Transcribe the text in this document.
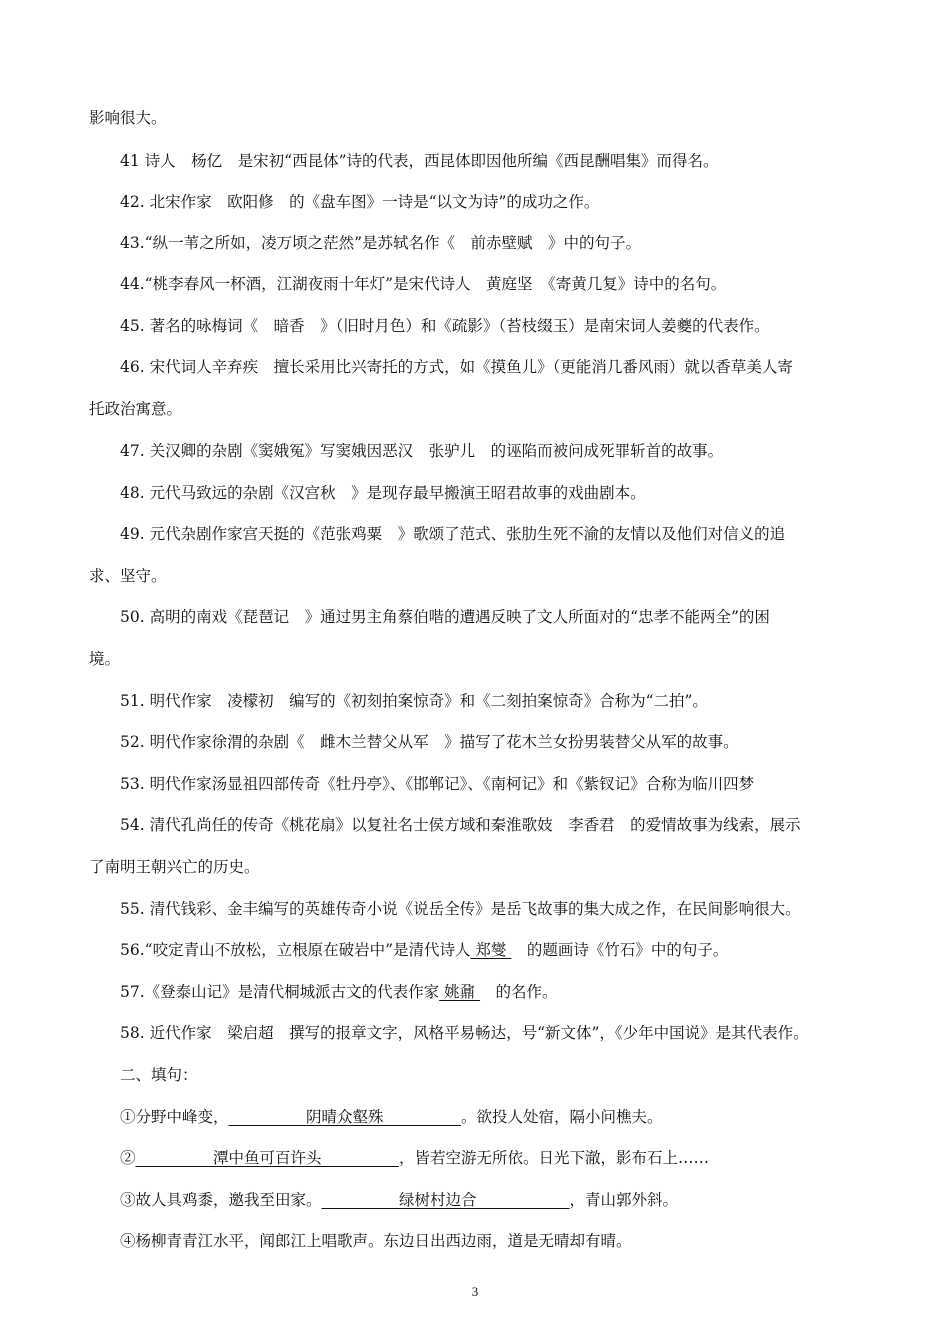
影响很大。
41 诗人　杨亿　是宋初“西昆体”诗的代表，西昆体即因他所编《西昆酬唱集》而得名。
42. 北宋作家　欧阳修　的《盘车图》一诗是“以文为诗”的成功之作。
43.“纵一苇之所如，凌万顷之茫然”是苏轼名作《　前赤壁赋　》中的句子。
44.“桃李春风一杯酒，江湖夜雨十年灯”是宋代诗人　黄庭坚　《寄黄几复》诗中的名句。
45. 著名的咏梅词《　暗香　》（旧时月色）和《疏影》（苔枝缀玉）是南宋词人姜夔的代表作。
46. 宋代词人辛弃疾　擅长采用比兴寄托的方式，如《摸鱼儿》（更能消几番风雨）就以香草美人寄
托政治寓意。
47. 关汉卿的杂剧《窦娥冤》写窦娥因恶汉　张驴儿　的诬陷而被问成死罪斩首的故事。
48. 元代马致远的杂剧《汉宫秋　》是现存最早搬演王昭君故事的戏曲剧本。
49. 元代杂剧作家宫天挺的《范张鸡粟　》歌颂了范式、张肋生死不渝的友情以及他们对信义的追
求、坚守。
50. 高明的南戏《琵琶记　》通过男主角蔡伯喈的遭遇反映了文人所面对的“忠孝不能两全”的困
境。
51. 明代作家　凌檬初　编写的《初刻拍案惊奇》和《二刻拍案惊奇》合称为“二拍”。
52. 明代作家徐渭的杂剧《　雌木兰替父从军　》描写了花木兰女扮男装替父从军的故事。
53. 明代作家汤显祖四部传奇《牡丹亭》、《邯郸记》、《南柯记》和《紫钗记》合称为临川四梦
54. 清代孔尚任的传奇《桃花扇》以复社名士侯方域和秦淮歌妓　李香君　的爱情故事为线索，展示
了南明王朝兴亡的历史。
55. 清代钱彩、金丰编写的英雄传奇小说《说岳全传》是岳飞故事的集大成之作，在民间影响很大。
56.“咬定青山不放松，立根原在破岩中”是清代诗人 郑燮 　的题画诗《竹石》中的句子。
57.《登泰山记》是清代桐城派古文的代表作家 姚鼐 　的名作。
58. 近代作家　梁启超　撰写的报章文字，风格平易畅达，号“新文体”，《少年中国说》是其代表作。
二、填句：
①分野中峰变，     阴晴众壑殊     。欲投人处宿，隔小问樵夫。
②     潭中鱼可百许头     ，皆若空游无所依。日光下澈，影布石上……
③故人具鸡黍，邀我至田家。     绿树村边合      ，青山郭外斜。
④杨柳青青江水平，闻郎江上唱歌声。东边日出西边雨，道是无晴却有晴。
3
